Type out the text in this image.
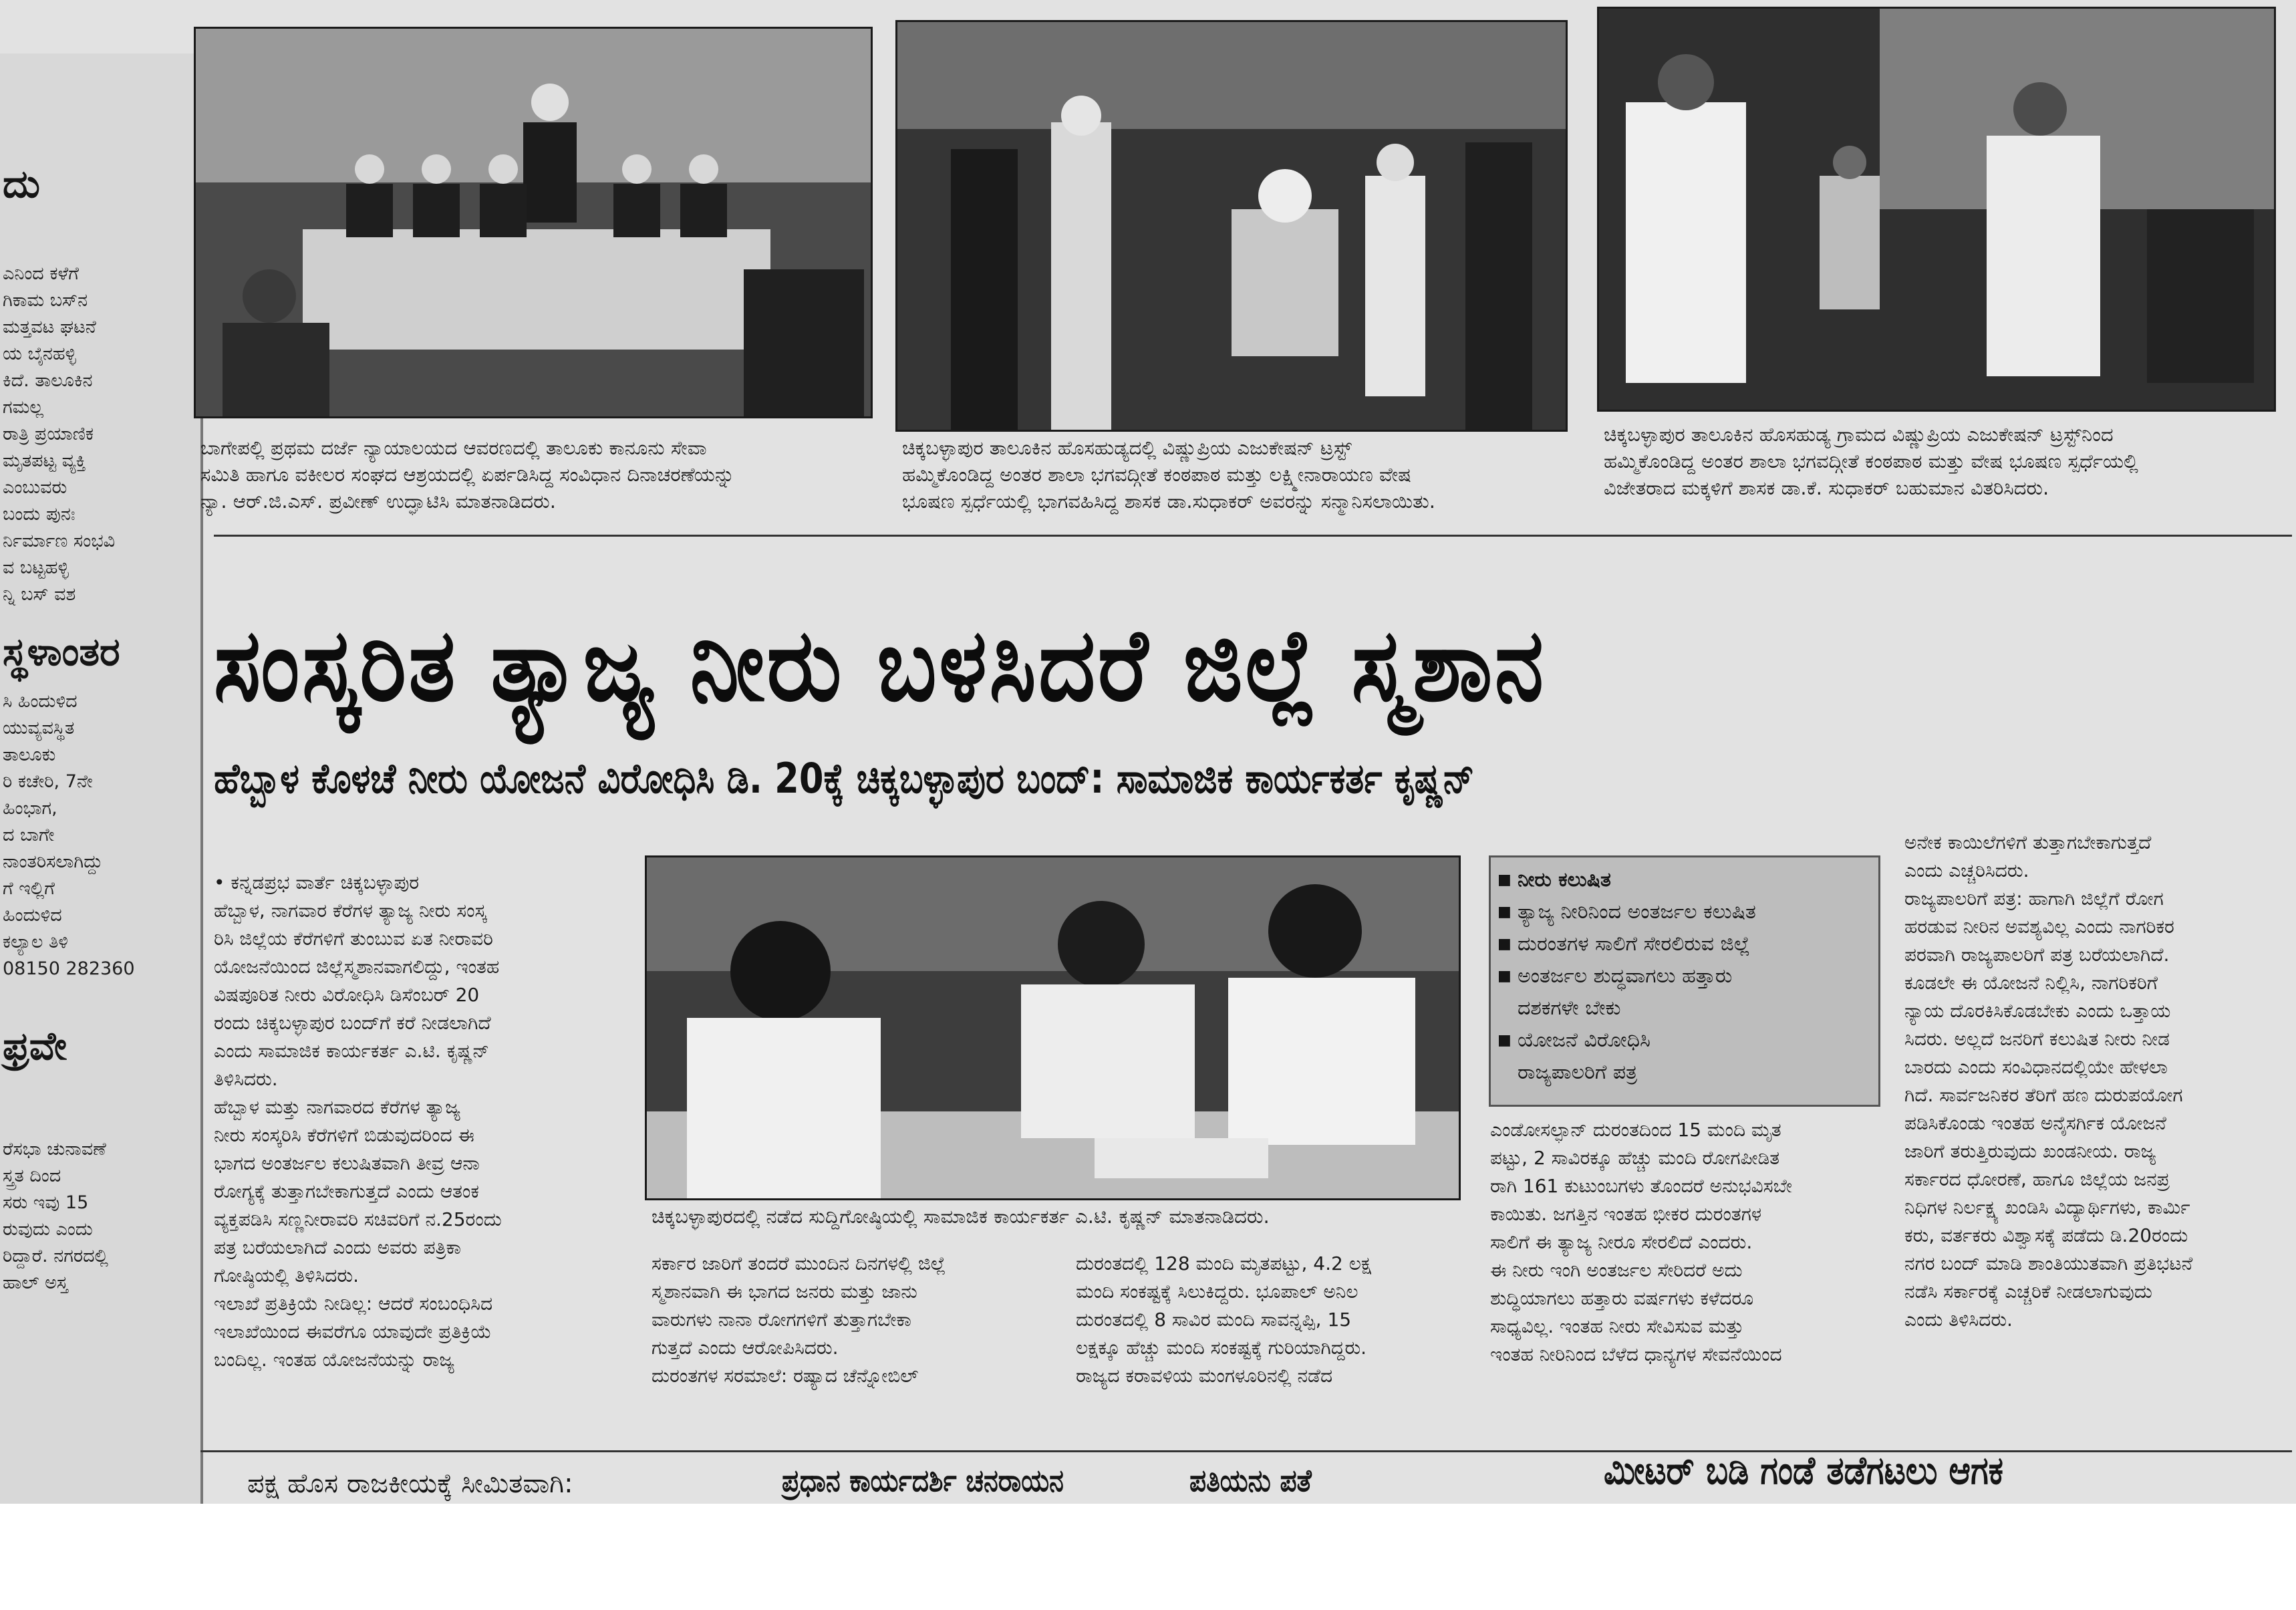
ದು
ಎನಿಂದ ಕಳೆಗೆ
ಗಿಕಾಮ ಬಸ್‌ನ
ಮತ್ತವಟ ಘಟನೆ
ಯ ಬೈನಹಳ್ಳಿ
ಕಿದೆ. ತಾಲೂಕಿನ
ಗಮಲ್ಲ
ರಾತ್ರಿ ಪ್ರಯಾಣಿಕ
ಮೃತಪಟ್ಟ ವ್ಯಕ್ತಿ
ಎಂಬುವರು
ಬಂದು ಪುನಃ
ರ್ನಿರ್ಮಾಣ ಸಂಭವಿ
ವ ಬಟ್ಟಹಳ್ಳಿ
ನ್ನಿ ಬಸ್ ವಶ
ಸ್ಥಳಾಂತರ
ಸಿ ಹಿಂದುಳಿದ
ಯುವ್ಯವಸ್ಥಿತ
ತಾಲೂಕು
ರಿ ಕಚೇರಿ, 7ನೇ
ಹಿಂಭಾಗ,
ದ ಬಾಗೇ
ನಾಂತರಿಸಲಾಗಿದ್ದು
ಗೆ ಇಲ್ಲಿಗೆ
ಹಿಂದುಳಿದ
ಕಲ್ಯಾಲ ತಿಳಿ
08150 282360
ಫ್ರವೇ
ರೆಸಭಾ ಚುನಾವಣೆ
ಸ್ತ್ರತ ದಿಂದ
ಸರು ಇವು 15
ರುವುದು ಎಂದು
ರಿದ್ದಾರೆ. ನಗರದಲ್ಲಿ
ಹಾಲ್ ಅಸ್ತ
ಬಾಗೇಪಲ್ಲಿ ಪ್ರಥಮ ದರ್ಜೆ ನ್ಯಾಯಾಲಯದ ಆವರಣದಲ್ಲಿ ತಾಲೂಕು ಕಾನೂನು ಸೇವಾ
ಸಮಿತಿ ಹಾಗೂ ವಕೀಲರ ಸಂಘದ ಆಶ್ರಯದಲ್ಲಿ ಏರ್ಪಡಿಸಿದ್ದ ಸಂವಿಧಾನ ದಿನಾಚರಣೆಯನ್ನು
ನ್ಯಾ. ಆರ್.ಜಿ.ಎಸ್. ಪ್ರವೀಣ್ ಉದ್ಘಾಟಿಸಿ ಮಾತನಾಡಿದರು.
ಚಿಕ್ಕಬಳ್ಳಾಪುರ ತಾಲೂಕಿನ ಹೊಸಹುಡ್ಯದಲ್ಲಿ ವಿಷ್ಣುಪ್ರಿಯ ಎಜುಕೇಷನ್ ಟ್ರಸ್ಟ್
ಹಮ್ಮಿಕೊಂಡಿದ್ದ ಅಂತರ ಶಾಲಾ ಭಗವದ್ಗೀತೆ ಕಂಠಪಾಠ ಮತ್ತು ಲಕ್ಷ್ಮೀನಾರಾಯಣ ವೇಷ
ಭೂಷಣ ಸ್ಪರ್ಧೆಯಲ್ಲಿ ಭಾಗವಹಿಸಿದ್ದ ಶಾಸಕ ಡಾ.ಸುಧಾಕರ್ ಅವರನ್ನು ಸನ್ಮಾನಿಸಲಾಯಿತು.
ಚಿಕ್ಕಬಳ್ಳಾಪುರ ತಾಲೂಕಿನ ಹೊಸಹುಡ್ಯ ಗ್ರಾಮದ ವಿಷ್ಣುಪ್ರಿಯ ಎಜುಕೇಷನ್ ಟ್ರಸ್ಟ್‌ನಿಂದ
ಹಮ್ಮಿಕೊಂಡಿದ್ದ ಅಂತರ ಶಾಲಾ ಭಗವದ್ಗೀತೆ ಕಂಠಪಾಠ ಮತ್ತು ವೇಷ ಭೂಷಣ ಸ್ಪರ್ಧೆಯಲ್ಲಿ
ವಿಜೇತರಾದ ಮಕ್ಕಳಿಗೆ ಶಾಸಕ ಡಾ.ಕೆ. ಸುಧಾಕರ್ ಬಹುಮಾನ ವಿತರಿಸಿದರು.
ಸಂಸ್ಕರಿತ ತ್ಯಾಜ್ಯ ನೀರು ಬಳಸಿದರೆ ಜಿಲ್ಲೆ ಸ್ಮಶಾನ
ಹೆಬ್ಬಾಳ ಕೊಳಚೆ ನೀರು ಯೋಜನೆ ವಿರೋಧಿಸಿ ಡಿ. 20ಕ್ಕೆ ಚಿಕ್ಕಬಳ್ಳಾಪುರ ಬಂದ್: ಸಾಮಾಜಿಕ ಕಾರ್ಯಕರ್ತ ಕೃಷ್ಣನ್
• ಕನ್ನಡಪ್ರಭ ವಾರ್ತೆ ಚಿಕ್ಕಬಳ್ಳಾಪುರ
ಹೆಬ್ಬಾಳ, ನಾಗವಾರ ಕೆರೆಗಳ ತ್ಯಾಜ್ಯ ನೀರು ಸಂಸ್ಕ
ರಿಸಿ ಜಿಲ್ಲೆಯ ಕೆರೆಗಳಿಗೆ ತುಂಬುವ ಏತ ನೀರಾವರಿ
ಯೋಜನೆಯಿಂದ ಜಿಲ್ಲೆಸ್ಮಶಾನವಾಗಲಿದ್ದು, ಇಂತಹ
ವಿಷಪೂರಿತ ನೀರು ವಿರೋಧಿಸಿ ಡಿಸೆಂಬರ್ 20
ರಂದು ಚಿಕ್ಕಬಳ್ಳಾಪುರ ಬಂದ್‌ಗೆ ಕರೆ ನೀಡಲಾಗಿದೆ
ಎಂದು ಸಾಮಾಜಿಕ ಕಾರ್ಯಕರ್ತ ಎ.ಟಿ. ಕೃಷ್ಣನ್
ತಿಳಿಸಿದರು.
ಹೆಬ್ಬಾಳ ಮತ್ತು ನಾಗವಾರದ ಕೆರೆಗಳ ತ್ಯಾಜ್ಯ
ನೀರು ಸಂಸ್ಕರಿಸಿ ಕೆರೆಗಳಿಗೆ ಬಿಡುವುದರಿಂದ ಈ
ಭಾಗದ ಅಂತರ್ಜಲ ಕಲುಷಿತವಾಗಿ ತೀವ್ರ ಆನಾ
ರೋಗ್ಯಕ್ಕೆ ತುತ್ತಾಗಬೇಕಾಗುತ್ತದೆ ಎಂದು ಆತಂಕ
ವ್ಯಕ್ತಪಡಿಸಿ ಸಣ್ಣನೀರಾವರಿ ಸಚಿವರಿಗೆ ನ.25ರಂದು
ಪತ್ರ ಬರೆಯಲಾಗಿದೆ ಎಂದು ಅವರು ಪತ್ರಿಕಾ
ಗೋಷ್ಠಿಯಲ್ಲಿ ತಿಳಿಸಿದರು.
ಇಲಾಖೆ ಪ್ರತಿಕ್ರಿಯೆ ನೀಡಿಲ್ಲ: ಆದರೆ ಸಂಬಂಧಿಸಿದ
ಇಲಾಖೆಯಿಂದ ಈವರೆಗೂ ಯಾವುದೇ ಪ್ರತಿಕ್ರಿಯೆ
ಬಂದಿಲ್ಲ. ಇಂತಹ ಯೋಜನೆಯನ್ನು ರಾಜ್ಯ
ಚಿಕ್ಕಬಳ್ಳಾಪುರದಲ್ಲಿ ನಡೆದ ಸುದ್ದಿಗೋಷ್ಠಿಯಲ್ಲಿ ಸಾಮಾಜಿಕ ಕಾರ್ಯಕರ್ತ ಎ.ಟಿ. ಕೃಷ್ಣನ್ ಮಾತನಾಡಿದರು.
ಸರ್ಕಾರ ಜಾರಿಗೆ ತಂದರೆ ಮುಂದಿನ ದಿನಗಳಲ್ಲಿ ಜಿಲ್ಲೆ
ಸ್ಮಶಾನವಾಗಿ ಈ ಭಾಗದ ಜನರು ಮತ್ತು ಜಾನು
ವಾರುಗಳು ನಾನಾ ರೋಗಗಳಿಗೆ ತುತ್ತಾಗಬೇಕಾ
ಗುತ್ತದೆ ಎಂದು ಆರೋಪಿಸಿದರು.
ದುರಂತಗಳ ಸರಮಾಲೆ: ರಷ್ಯಾದ ಚೆನ್ನೋಬಿಲ್
ದುರಂತದಲ್ಲಿ 128 ಮಂದಿ ಮೃತಪಟ್ಟು, 4.2 ಲಕ್ಷ
ಮಂದಿ ಸಂಕಷ್ಟಕ್ಕೆ ಸಿಲುಕಿದ್ದರು. ಭೂಪಾಲ್ ಅನಿಲ
ದುರಂತದಲ್ಲಿ 8 ಸಾವಿರ ಮಂದಿ ಸಾವನ್ನಪ್ಪಿ, 15
ಲಕ್ಷಕ್ಕೂ ಹೆಚ್ಚು ಮಂದಿ ಸಂಕಷ್ಟಕ್ಕೆ ಗುರಿಯಾಗಿದ್ದರು.
ರಾಜ್ಯದ ಕರಾವಳಿಯ ಮಂಗಳೂರಿನಲ್ಲಿ ನಡೆದ
■ ನೀರು ಕಲುಷಿತ
■ ತ್ಯಾಜ್ಯ ನೀರಿನಿಂದ ಅಂತರ್ಜಲ ಕಲುಷಿತ
■ ದುರಂತಗಳ ಸಾಲಿಗೆ ಸೇರಲಿರುವ ಜಿಲ್ಲೆ
■ ಅಂತರ್ಜಲ ಶುದ್ಧವಾಗಲು ಹತ್ತಾರು
ದಶಕಗಳೇ ಬೇಕು
■ ಯೋಜನೆ ವಿರೋಧಿಸಿ
ರಾಜ್ಯಪಾಲರಿಗೆ ಪತ್ರ
ಎಂಡೋಸಲ್ಫಾನ್ ದುರಂತದಿಂದ 15 ಮಂದಿ ಮೃತ
ಪಟ್ಟು, 2 ಸಾವಿರಕ್ಕೂ ಹೆಚ್ಚು ಮಂದಿ ರೋಗಪೀಡಿತ
ರಾಗಿ 161 ಕುಟುಂಬಗಳು ತೊಂದರೆ ಅನುಭವಿಸಬೇ
ಕಾಯಿತು. ಜಗತ್ತಿನ ಇಂತಹ ಭೀಕರ ದುರಂತಗಳ
ಸಾಲಿಗೆ ಈ ತ್ಯಾಜ್ಯ ನೀರೂ ಸೇರಲಿದೆ ಎಂದರು.
ಈ ನೀರು ಇಂಗಿ ಅಂತರ್ಜಲ ಸೇರಿದರೆ ಅದು
ಶುದ್ಧಿಯಾಗಲು ಹತ್ತಾರು ವರ್ಷಗಳು ಕಳೆದರೂ
ಸಾಧ್ಯವಿಲ್ಲ. ಇಂತಹ ನೀರು ಸೇವಿಸುವ ಮತ್ತು
ಇಂತಹ ನೀರಿನಿಂದ ಬೆಳೆದ ಧಾನ್ಯಗಳ ಸೇವನೆಯಿಂದ
ಅನೇಕ ಕಾಯಿಲೆಗಳಿಗೆ ತುತ್ತಾಗಬೇಕಾಗುತ್ತದೆ
ಎಂದು ಎಚ್ಚರಿಸಿದರು.
ರಾಜ್ಯಪಾಲರಿಗೆ ಪತ್ರ: ಹಾಗಾಗಿ ಜಿಲ್ಲೆಗೆ ರೋಗ
ಹರಡುವ ನೀರಿನ ಅವಶ್ಯವಿಲ್ಲ ಎಂದು ನಾಗರಿಕರ
ಪರವಾಗಿ ರಾಜ್ಯಪಾಲರಿಗೆ ಪತ್ರ ಬರೆಯಲಾಗಿದೆ.
ಕೂಡಲೇ ಈ ಯೋಜನೆ ನಿಲ್ಲಿಸಿ, ನಾಗರಿಕರಿಗೆ
ನ್ಯಾಯ ದೊರಕಿಸಿಕೊಡಬೇಕು ಎಂದು ಒತ್ತಾಯ
ಸಿದರು. ಅಲ್ಲದೆ ಜನರಿಗೆ ಕಲುಷಿತ ನೀರು ನೀಡ
ಬಾರದು ಎಂದು ಸಂವಿಧಾನದಲ್ಲಿಯೇ ಹೇಳಲಾ
ಗಿದೆ. ಸಾರ್ವಜನಿಕರ ತೆರಿಗೆ ಹಣ ದುರುಪಯೋಗ
ಪಡಿಸಿಕೊಂಡು ಇಂತಹ ಅನೈಸರ್ಗಿಕ ಯೋಜನೆ
ಜಾರಿಗೆ ತರುತ್ತಿರುವುದು ಖಂಡನೀಯ. ರಾಜ್ಯ
ಸರ್ಕಾರದ ಧೋರಣೆ, ಹಾಗೂ ಜಿಲ್ಲೆಯ ಜನಪ್ರ
ನಿಧಿಗಳ ನಿರ್ಲಕ್ಷ್ಯ ಖಂಡಿಸಿ ವಿದ್ಯಾರ್ಥಿಗಳು, ಕಾರ್ಮಿ
ಕರು, ವರ್ತಕರು ವಿಶ್ವಾಸಕ್ಕೆ ಪಡೆದು ಡಿ.20ರಂದು
ನಗರ ಬಂದ್ ಮಾಡಿ ಶಾಂತಿಯುತವಾಗಿ ಪ್ರತಿಭಟನೆ
ನಡೆಸಿ ಸರ್ಕಾರಕ್ಕೆ ಎಚ್ಚರಿಕೆ ನೀಡಲಾಗುವುದು
ಎಂದು ತಿಳಿಸಿದರು.
ಪಕ್ಷ ಹೊಸ ರಾಜಕೀಯಕ್ಕೆ ಸೀಮಿತವಾಗಿ:	ಪ್ರಧಾನ ಕಾರ್ಯದರ್ಶಿ ಚನರಾಯನ	ಪತಿಯನು ಪತೆ	ಮೀಟರ್ ಬಡಿ ಗಂಡೆ ತಡೆಗಟಲು ಆಗಕ
